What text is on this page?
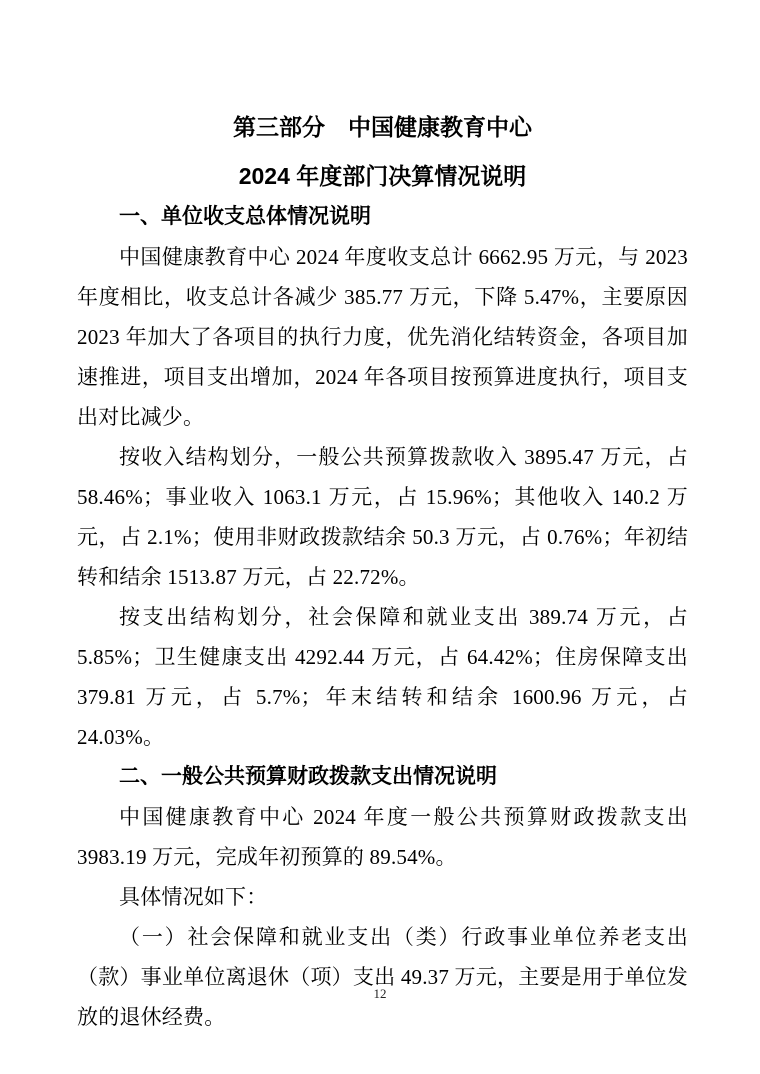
第三部分　中国健康教育中心
2024 年度部门决算情况说明
一、单位收支总体情况说明

中国健康教育中心 2024 年度收支总计 6662.95 万元，与 2023 年度相比，收支总计各减少 385.77 万元，下降 5.47%，主要原因 2023 年加大了各项目的执行力度，优先消化结转资金，各项目加速推进，项目支出增加，2024 年各项目按预算进度执行，项目支出对比减少。

按收入结构划分，一般公共预算拨款收入 3895.47 万元，占 58.46%；事业收入 1063.1 万元，占 15.96%；其他收入 140.2 万元，占 2.1%；使用非财政拨款结余 50.3 万元，占 0.76%；年初结转和结余 1513.87 万元，占 22.72%。

按支出结构划分，社会保障和就业支出 389.74 万元，占 5.85%；卫生健康支出 4292.44 万元，占 64.42%；住房保障支出 379.81 万元，占 5.7%；年末结转和结余 1600.96 万元，占 24.03%。

二、一般公共预算财政拨款支出情况说明

中国健康教育中心 2024 年度一般公共预算财政拨款支出 3983.19 万元，完成年初预算的 89.54%。

具体情况如下：

（一）社会保障和就业支出（类）行政事业单位养老支出（款）事业单位离退休（项）支出 49.37 万元，主要是用于单位发放的退休经费。

12
